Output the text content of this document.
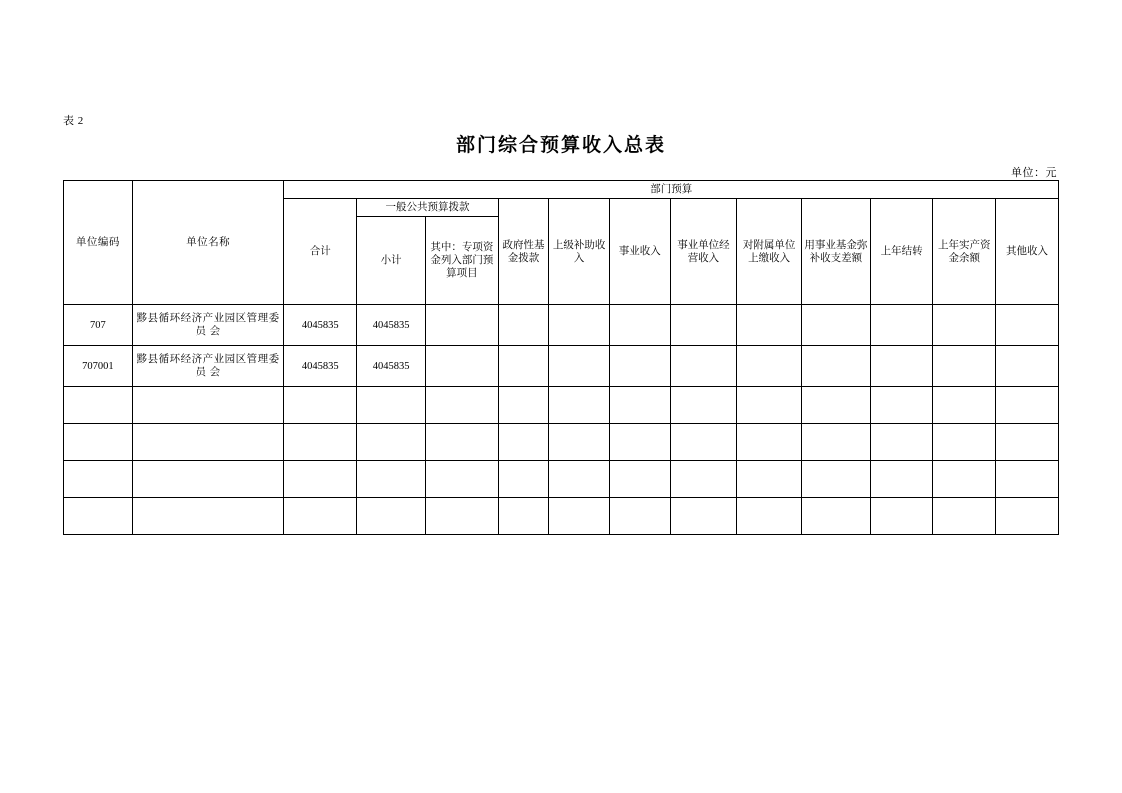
表 2
部门综合预算收入总表
单位：元
单位编码	单位名称	部门预算											
		合计	一般公共预算拨款		政府性基金拨款	上级补助收入	事业收入	事业单位经营收入	对附属单位上缴收入	用事业基金弥补收支差额	上年结转	上年实产资金余额	其他收入
			小计	其中：专项资金列入部门预算项目									
707	黟县循环经济产业园区管理委员 会	4045835	4045835										
707001	黟县循环经济产业园区管理委员 会	4045835	4045835										
